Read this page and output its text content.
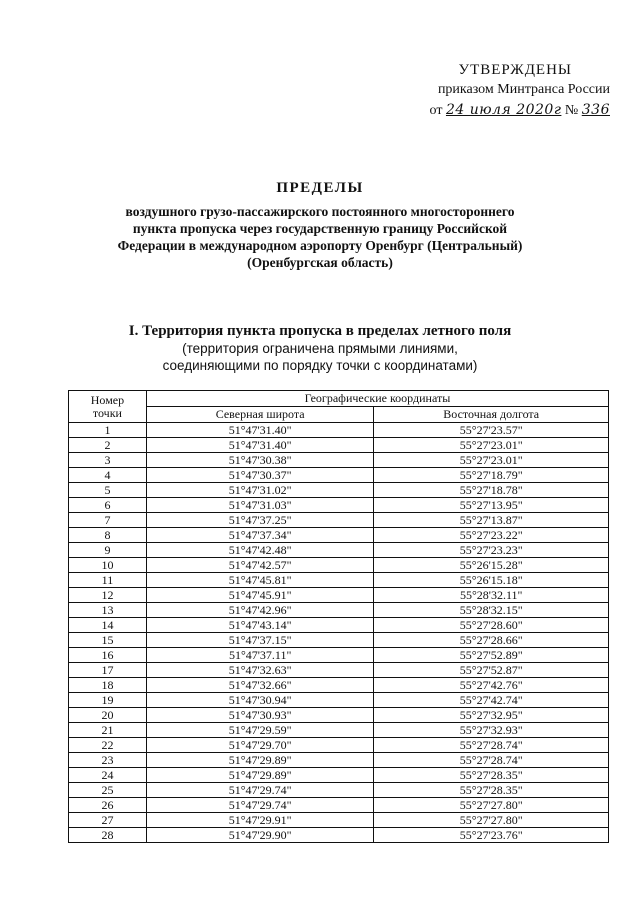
УТВЕРЖДЕНЫ
приказом Минтранса России
от 24 июля 2020г № 336
ПРЕДЕЛЫ
воздушного грузо-пассажирского постоянного многостороннего
пункта пропуска через государственную границу Российской
Федерации в международном аэропорту Оренбург (Центральный)
(Оренбургская область)
I. Территория пункта пропуска в пределах летного поля
(территория ограничена прямыми линиями,
соединяющими по порядку точки с координатами)
Номер
точки	Географические координаты	
	Северная широта	Восточная долгота
1	51°47'31.40"	55°27'23.57"
2	51°47'31.40"	55°27'23.01"
3	51°47'30.38"	55°27'23.01"
4	51°47'30.37"	55°27'18.79"
5	51°47'31.02"	55°27'18.78"
6	51°47'31.03"	55°27'13.95"
7	51°47'37.25"	55°27'13.87"
8	51°47'37.34"	55°27'23.22"
9	51°47'42.48"	55°27'23.23"
10	51°47'42.57"	55°26'15.28"
11	51°47'45.81"	55°26'15.18"
12	51°47'45.91"	55°28'32.11"
13	51°47'42.96"	55°28'32.15"
14	51°47'43.14"	55°27'28.60"
15	51°47'37.15"	55°27'28.66"
16	51°47'37.11"	55°27'52.89"
17	51°47'32.63"	55°27'52.87"
18	51°47'32.66"	55°27'42.76"
19	51°47'30.94"	55°27'42.74"
20	51°47'30.93"	55°27'32.95"
21	51°47'29.59"	55°27'32.93"
22	51°47'29.70"	55°27'28.74"
23	51°47'29.89"	55°27'28.74"
24	51°47'29.89"	55°27'28.35"
25	51°47'29.74"	55°27'28.35"
26	51°47'29.74"	55°27'27.80"
27	51°47'29.91"	55°27'27.80"
28	51°47'29.90"	55°27'23.76"
